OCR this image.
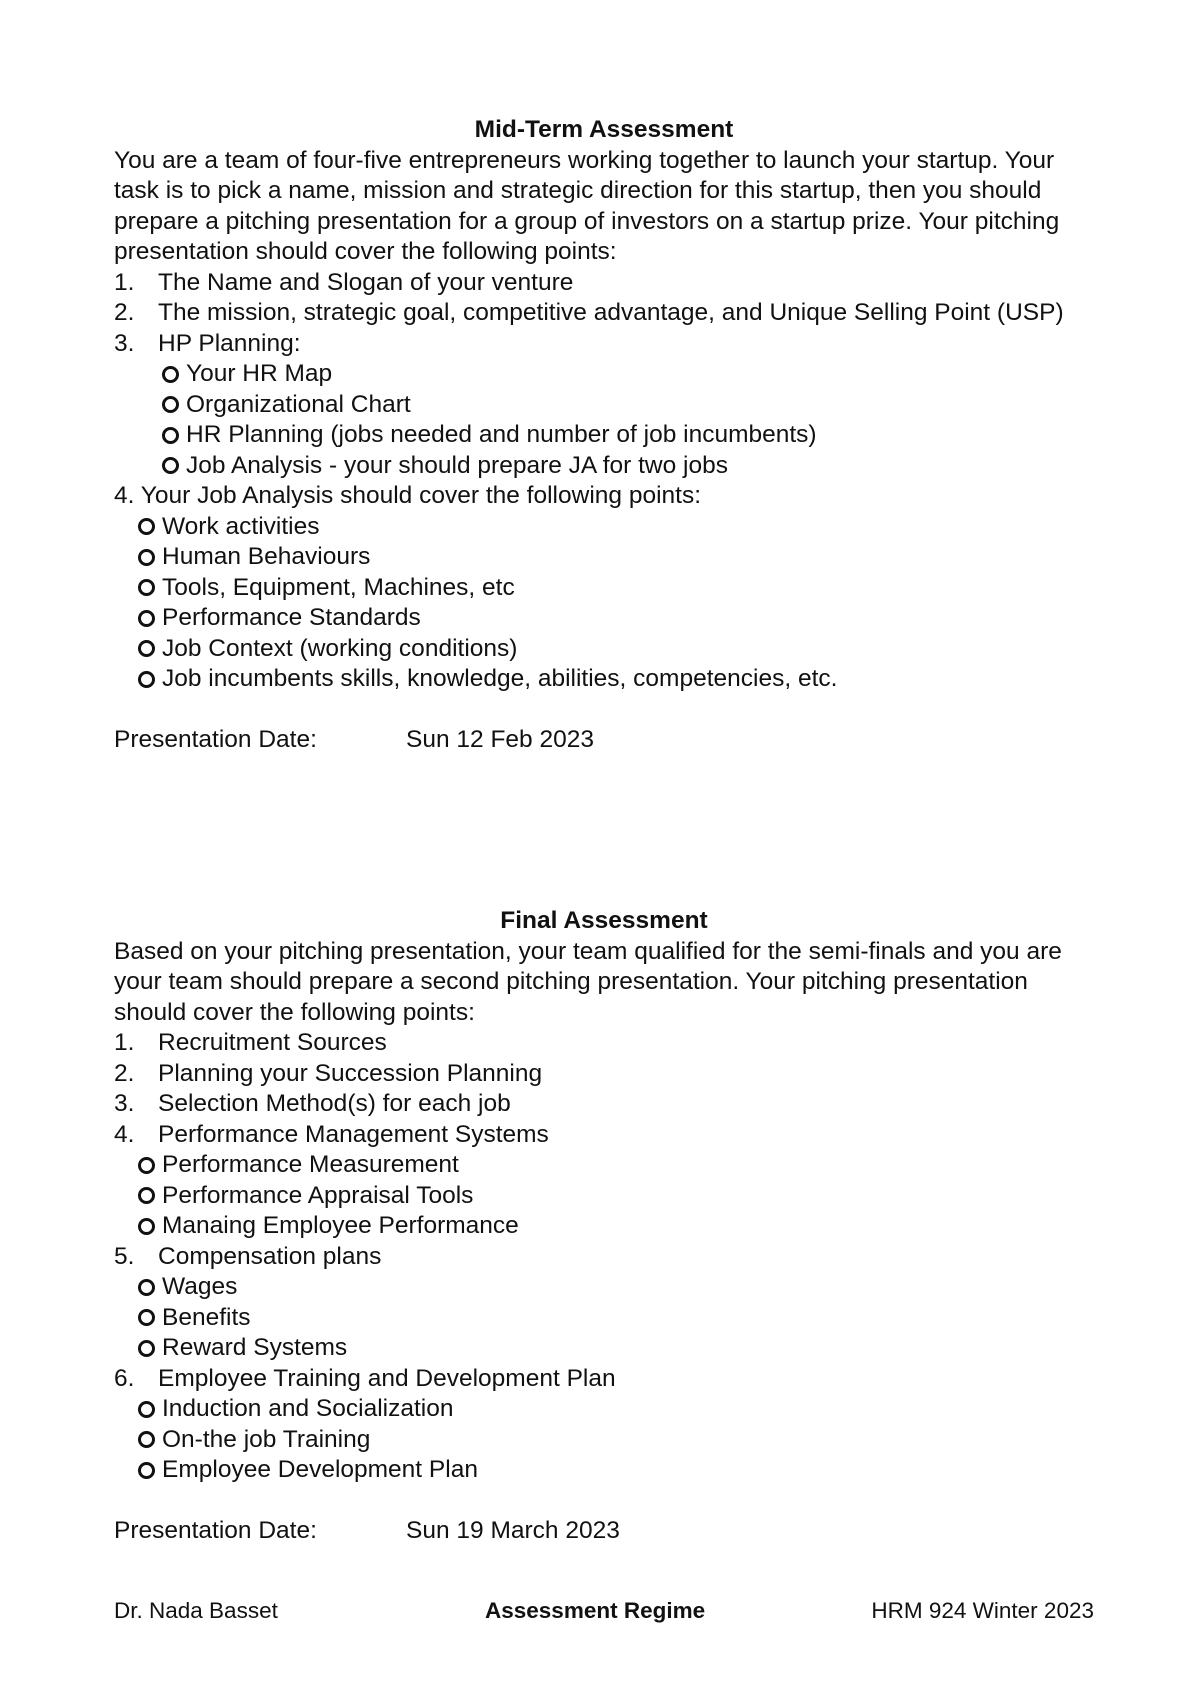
Mid-Term Assessment

You are a team of four-five entrepreneurs working together to launch your startup. Your task is to pick a name, mission and strategic direction for this startup, then you should prepare a pitching presentation for a group of investors on a startup prize. Your pitching presentation should cover the following points:

1. The Name and Slogan of your venture
2. The mission, strategic goal, competitive advantage, and Unique Selling Point (USP)
3. HP Planning:
Your HR Map
Organizational Chart
HR Planning (jobs needed and number of job incumbents)
Job Analysis - your should prepare JA for two jobs

4. Your Job Analysis should cover the following points:

Work activities
Human Behaviours
Tools, Equipment, Machines, etc
Performance Standards
Job Context (working conditions)
Job incumbents skills, knowledge, abilities, competencies, etc.
Presentation Date:	Sun 12 Feb 2023
Final Assessment

Based on your pitching presentation, your team qualified for the semi-finals and you are your team should prepare a second pitching presentation. Your pitching presentation should cover the following points:

1. Recruitment Sources
2. Planning your Succession Planning
3. Selection Method(s) for each job
4. Performance Management Systems
Performance Measurement
Performance Appraisal Tools
Manaing Employee Performance
5. Compensation plans
Wages
Benefits
Reward Systems
6. Employee Training and Development Plan
Induction and Socialization
On-the job Training
Employee Development Plan
Presentation Date:	Sun 19 March 2023
Dr. Nada Basset	Assessment Regime	HRM 924 Winter 2023
